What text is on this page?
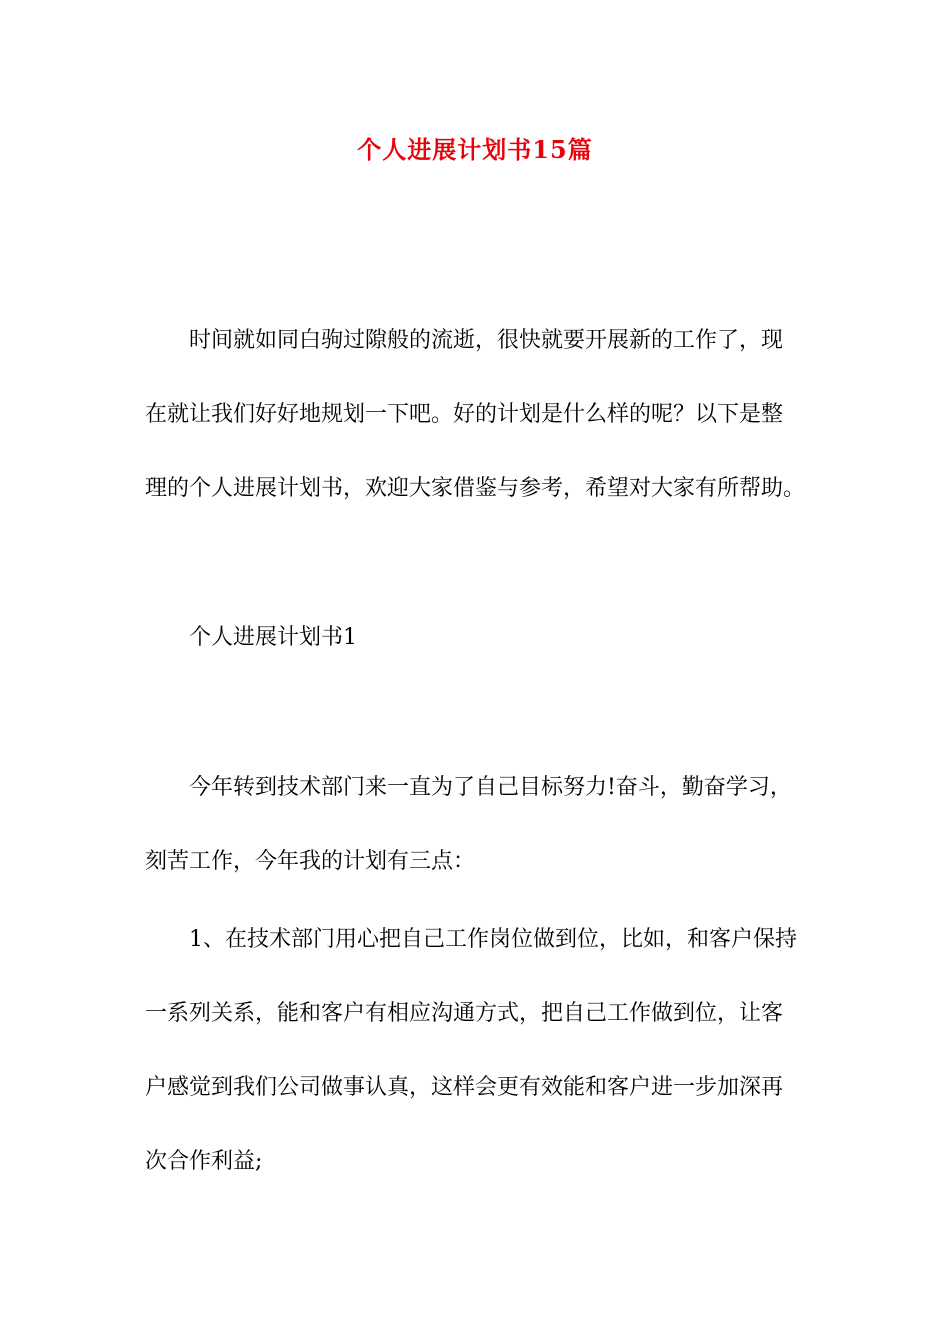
个人进展计划书15篇
时间就如同白驹过隙般的流逝，很快就要开展新的工作了，现
在就让我们好好地规划一下吧。好的计划是什么样的呢？以下是整
理的个人进展计划书，欢迎大家借鉴与参考，希望对大家有所帮助。
个人进展计划书1
今年转到技术部门来一直为了自己目标努力!奋斗，勤奋学习，
刻苦工作，今年我的计划有三点：
1、在技术部门用心把自己工作岗位做到位，比如，和客户保持
一系列关系，能和客户有相应沟通方式，把自己工作做到位，让客
户感觉到我们公司做事认真，这样会更有效能和客户进一步加深再
次合作利益;
